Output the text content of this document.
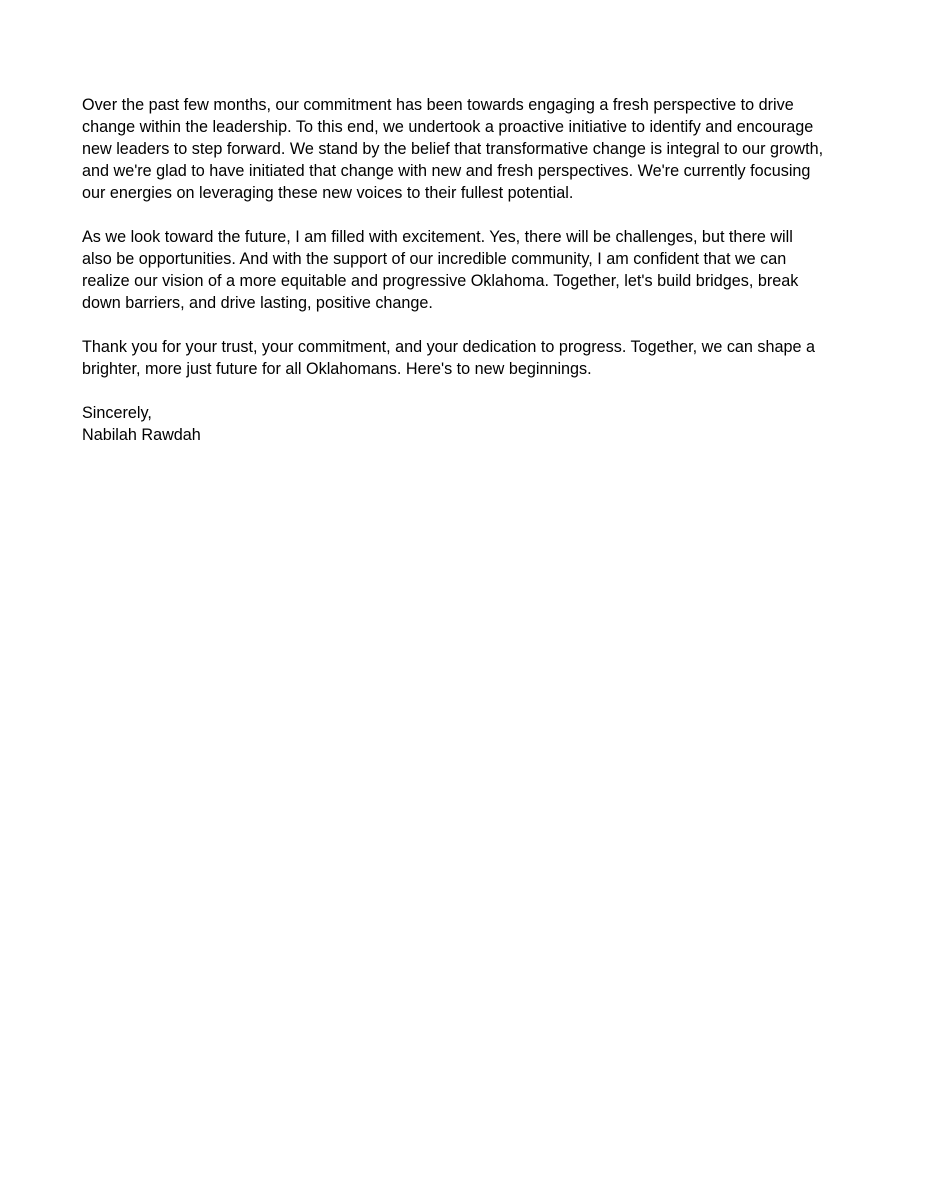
Over the past few months, our commitment has been towards engaging a fresh perspective to drive
change within the leadership. To this end, we undertook a proactive initiative to identify and encourage
new leaders to step forward. We stand by the belief that transformative change is integral to our growth,
and we're glad to have initiated that change with new and fresh perspectives. We're currently focusing
our energies on leveraging these new voices to their fullest potential.

As we look toward the future, I am filled with excitement. Yes, there will be challenges, but there will
also be opportunities. And with the support of our incredible community, I am confident that we can
realize our vision of a more equitable and progressive Oklahoma. Together, let's build bridges, break
down barriers, and drive lasting, positive change.

Thank you for your trust, your commitment, and your dedication to progress. Together, we can shape a
brighter, more just future for all Oklahomans. Here's to new beginnings.

Sincerely,
Nabilah Rawdah
